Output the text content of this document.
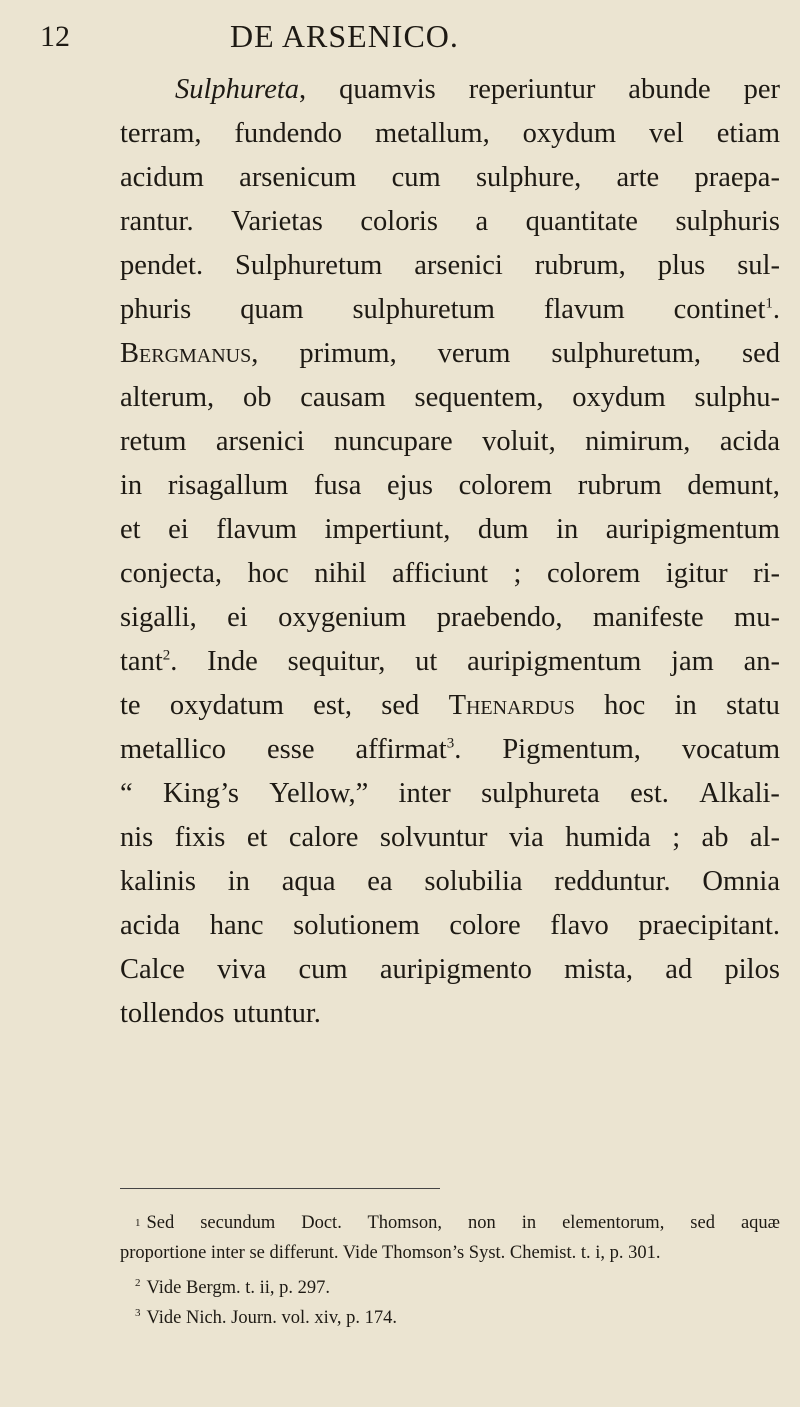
12	DE ARSENICO.
Sulphureta, quamvis reperiuntur abunde per
terram, fundendo metallum, oxydum vel etiam
acidum arsenicum cum sulphure, arte praepa-
rantur. Varietas coloris a quantitate sulphuris
pendet. Sulphuretum arsenici rubrum, plus sul-
phuris quam sulphuretum flavum continet$^1$.
Bergmanus, primum, verum sulphuretum, sed
alterum, ob causam sequentem, oxydum sulphu-
retum arsenici nuncupare voluit, nimirum, acida
in risagallum fusa ejus colorem rubrum demunt,
et ei flavum impertiunt, dum in auripigmentum
conjecta, hoc nihil afficiunt ; colorem igitur ri-
sigalli, ei oxygenium praebendo, manifeste mu-
tant$^2$. Inde sequitur, ut auripigmentum jam an-
te oxydatum est, sed Thenardus hoc in statu
metallico esse affirmat$^3$. Pigmentum, vocatum
“ King’s Yellow,” inter sulphureta est. Alkali-
nis fixis et calore solvuntur via humida ; ab al-
kalinis in aqua ea solubilia redduntur. Omnia
acida hanc solutionem colore flavo praecipitant.
Calce viva cum auripigmento mista, ad pilos
tollendos utuntur.
1 Sed secundum Doct. Thomson, non in elementorum, sed aquæ
proportione inter se differunt. Vide Thomson’s Syst. Chemist. t. i, p. 301.
$^2$ Vide Bergm. t. ii, p. 297.
$^3$ Vide Nich. Journ. vol. xiv, p. 174.
